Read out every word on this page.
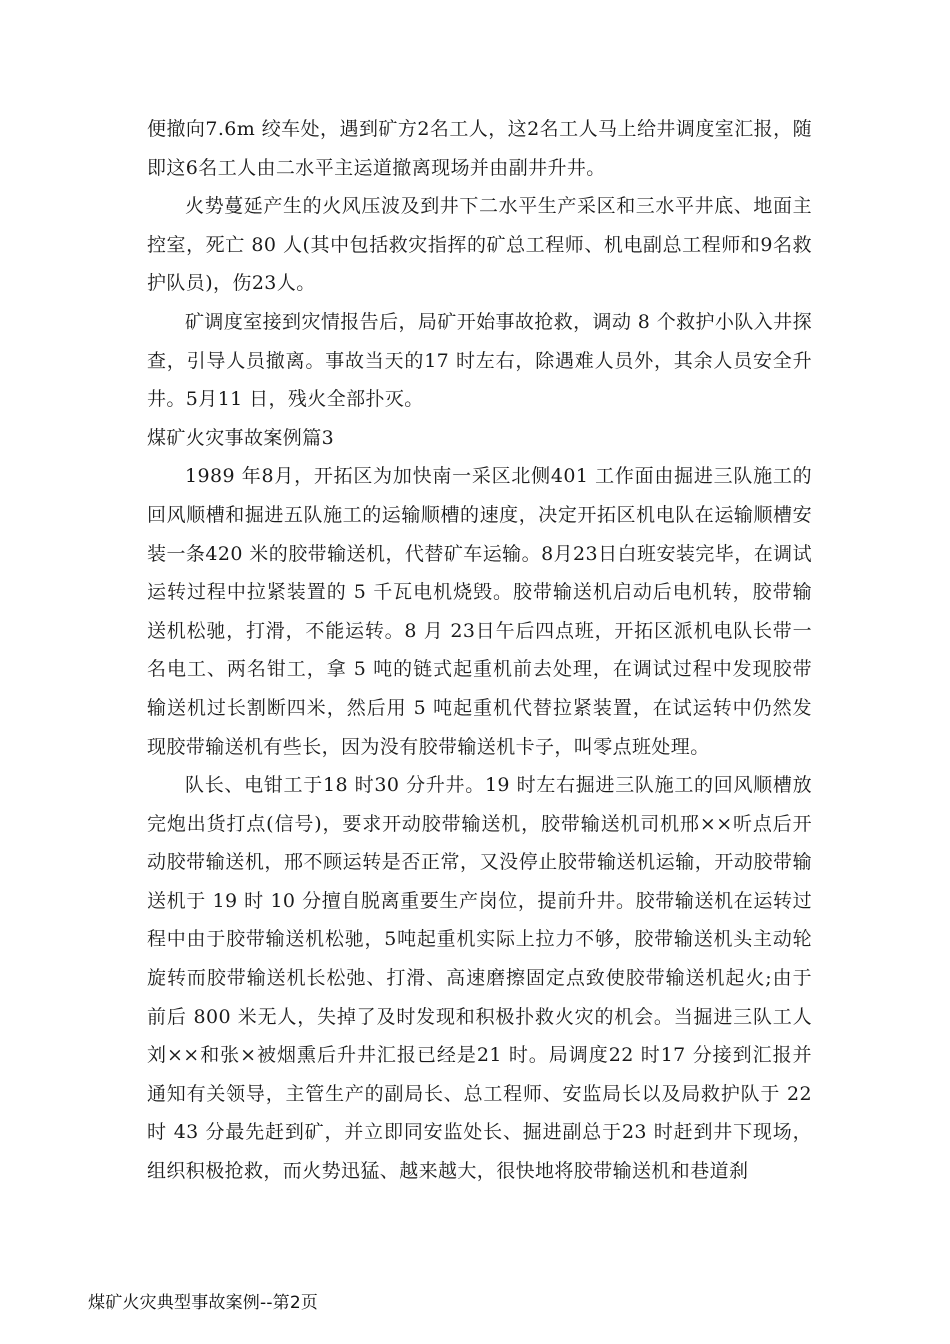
便撤向7.6m 绞车处，遇到矿方2名工人，这2名工人马上给井调度室汇报，随即这6名工人由二水平主运道撤离现场并由副井升井。

火势蔓延产生的火风压波及到井下二水平生产采区和三水平井底、地面主控室，死亡 80 人(其中包括救灾指挥的矿总工程师、机电副总工程师和9名救护队员)，伤23人。

矿调度室接到灾情报告后，局矿开始事故抢救，调动 8 个救护小队入井探查，引导人员撤离。事故当天的17 时左右，除遇难人员外，其余人员安全升井。5月11 日，残火全部扑灭。

煤矿火灾事故案例篇3

1989 年8月，开拓区为加快南一采区北侧401 工作面由掘进三队施工的回风顺槽和掘进五队施工的运输顺槽的速度，决定开拓区机电队在运输顺槽安装一条420 米的胶带输送机，代替矿车运输。8月23日白班安装完毕，在调试运转过程中拉紧装置的 5 千瓦电机烧毁。胶带输送机启动后电机转，胶带输送机松驰，打滑，不能运转。8 月 23日午后四点班，开拓区派机电队长带一名电工、两名钳工，拿 5 吨的链式起重机前去处理，在调试过程中发现胶带输送机过长割断四米，然后用 5 吨起重机代替拉紧装置，在试运转中仍然发现胶带输送机有些长，因为没有胶带输送机卡子，叫零点班处理。

队长、电钳工于18 时30 分升井。19 时左右掘进三队施工的回风顺槽放完炮出货打点(信号)，要求开动胶带输送机，胶带输送机司机邢××听点后开动胶带输送机，邢不顾运转是否正常，又没停止胶带输送机运输，开动胶带输送机于 19 时 10 分擅自脱离重要生产岗位，提前升井。胶带输送机在运转过程中由于胶带输送机松驰，5吨起重机实际上拉力不够，胶带输送机头主动轮旋转而胶带输送机长松弛、打滑、高速磨擦固定点致使胶带输送机起火;由于前后 800 米无人，失掉了及时发现和积极扑救火灾的机会。当掘进三队工人刘××和张×被烟熏后升井汇报已经是21 时。局调度22 时17 分接到汇报并通知有关领导，主管生产的副局长、总工程师、安监局长以及局救护队于 22 时 43 分最先赶到矿，并立即同安监处长、掘进副总于23 时赶到井下现场，组织积极抢救，而火势迅猛、越来越大，很快地将胶带输送机和巷道刹

煤矿火灾典型事故案例--第2页
